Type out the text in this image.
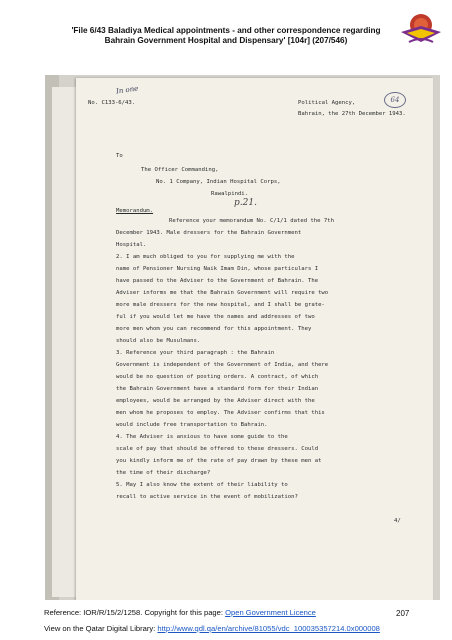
'File 6/43 Baladiya Medical appointments - and other correspondence regarding
Bahrain Government Hospital and Dispensary' [104r] (207/546)
In one
No. C133-6/43.	Political Agency,
Bahrain, the 27th December 1943.
64
To
The Officer Commanding,
No. 1 Company, Indian Hospital Corps,
Rawalpindi.
Memorandum.
p.21.
Reference your memorandum No. C/1/1 dated the 7th
December 1943. Male dressers for the Bahrain Government
Hospital.
2. I am much obliged to you for supplying me with the
name of Pensioner Nursing Naik Imam Din, whose particulars I
have passed to the Adviser to the Government of Bahrain. The
Adviser informs me that the Bahrain Government will require two
more male dressers for the new hospital, and I shall be grate-
ful if you would let me have the names and addresses of two
more men whom you can recommend for this appointment. They
should also be Musulmans.
3. Reference your third paragraph : the Bahrain
Government is independent of the Government of India, and there
would be no question of posting orders. A contract, of which
the Bahrain Government have a standard form for their Indian
employees, would be arranged by the Adviser direct with the
men whom he proposes to employ. The Adviser confirms that this
would include free transportation to Bahrain.
4. The Adviser is anxious to have some guide to the
scale of pay that should be offered to these dressers. Could
you kindly inform me of the rate of pay drawn by these men at
the time of their discharge?
5. May I also know the extent of their liability to
recall to active service in the event of mobilization?
4/
Reference: IOR/R/15/2/1258. Copyright for this page: Open Government Licence	207
View on the Qatar Digital Library: http://www.qdl.qa/en/archive/81055/vdc_100035357214.0x000008
